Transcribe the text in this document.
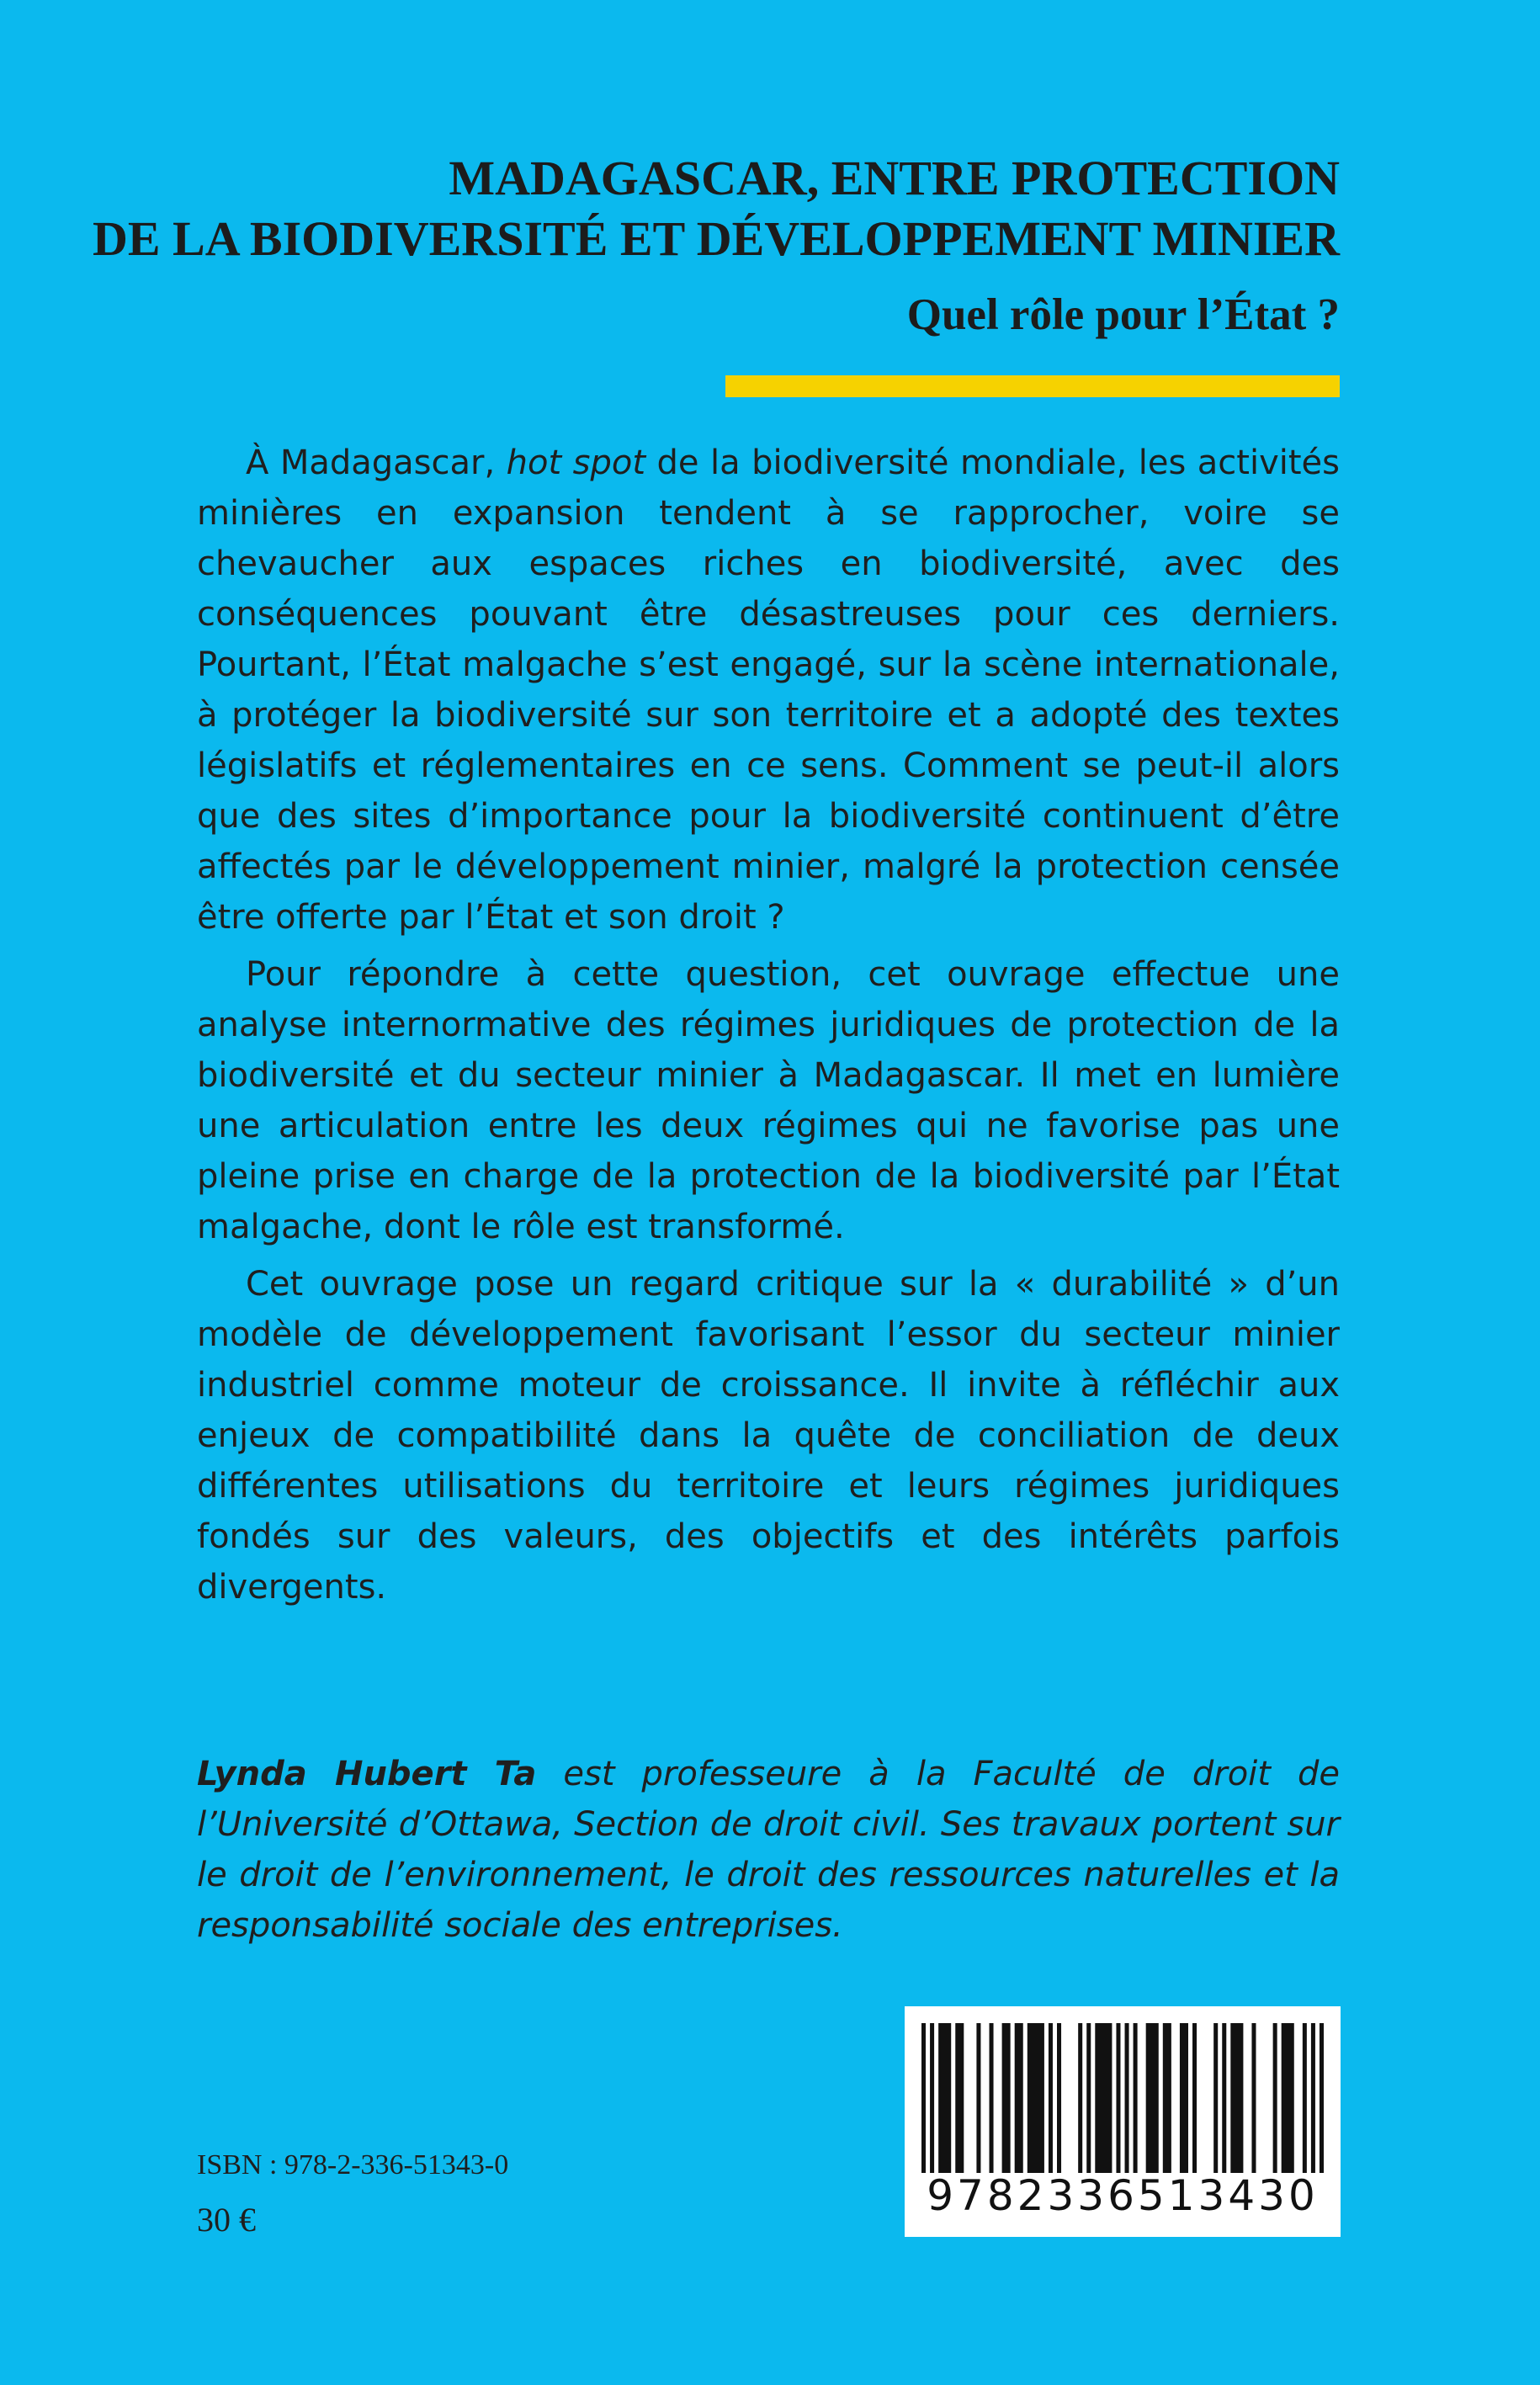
MADAGASCAR, ENTRE PROTECTION
DE LA BIODIVERSITÉ ET DÉVELOPPEMENT MINIER
Quel rôle pour l’État ?

À Madagascar, hot spot de la biodiversité mondiale, les activités minières en expansion tendent à se rapprocher, voire se chevaucher aux espaces riches en biodiversité, avec des conséquences pouvant être désastreuses pour ces derniers. Pourtant, l’État malgache s’est engagé, sur la scène internationale, à protéger la biodiversité sur son territoire et a adopté des textes législatifs et réglementaires en ce sens. Comment se peut-il alors que des sites d’importance pour la biodiversité continuent d’être affectés par le développement minier, malgré la protection censée être offerte par l’État et son droit ?

Pour répondre à cette question, cet ouvrage effectue une analyse internormative des régimes juridiques de protection de la biodiversité et du secteur minier à Madagascar. Il met en lumière une articulation entre les deux régimes qui ne favorise pas une pleine prise en charge de la protection de la biodiversité par l’État malgache, dont le rôle est transformé.

Cet ouvrage pose un regard critique sur la « durabilité » d’un modèle de développement favorisant l’essor du secteur minier industriel comme moteur de croissance. Il invite à réfléchir aux enjeux de compatibilité dans la quête de conciliation de deux différentes utilisations du territoire et leurs régimes juridiques fondés sur des valeurs, des objectifs et des intérêts parfois divergents.

Lynda Hubert Ta est professeure à la Faculté de droit de l’Université d’Ottawa, Section de droit civil. Ses travaux portent sur le droit de l’environnement, le droit des ressources naturelles et la responsabilité sociale des entreprises.
9782336513430
ISBN : 978-2-336-51343-0
30 €
